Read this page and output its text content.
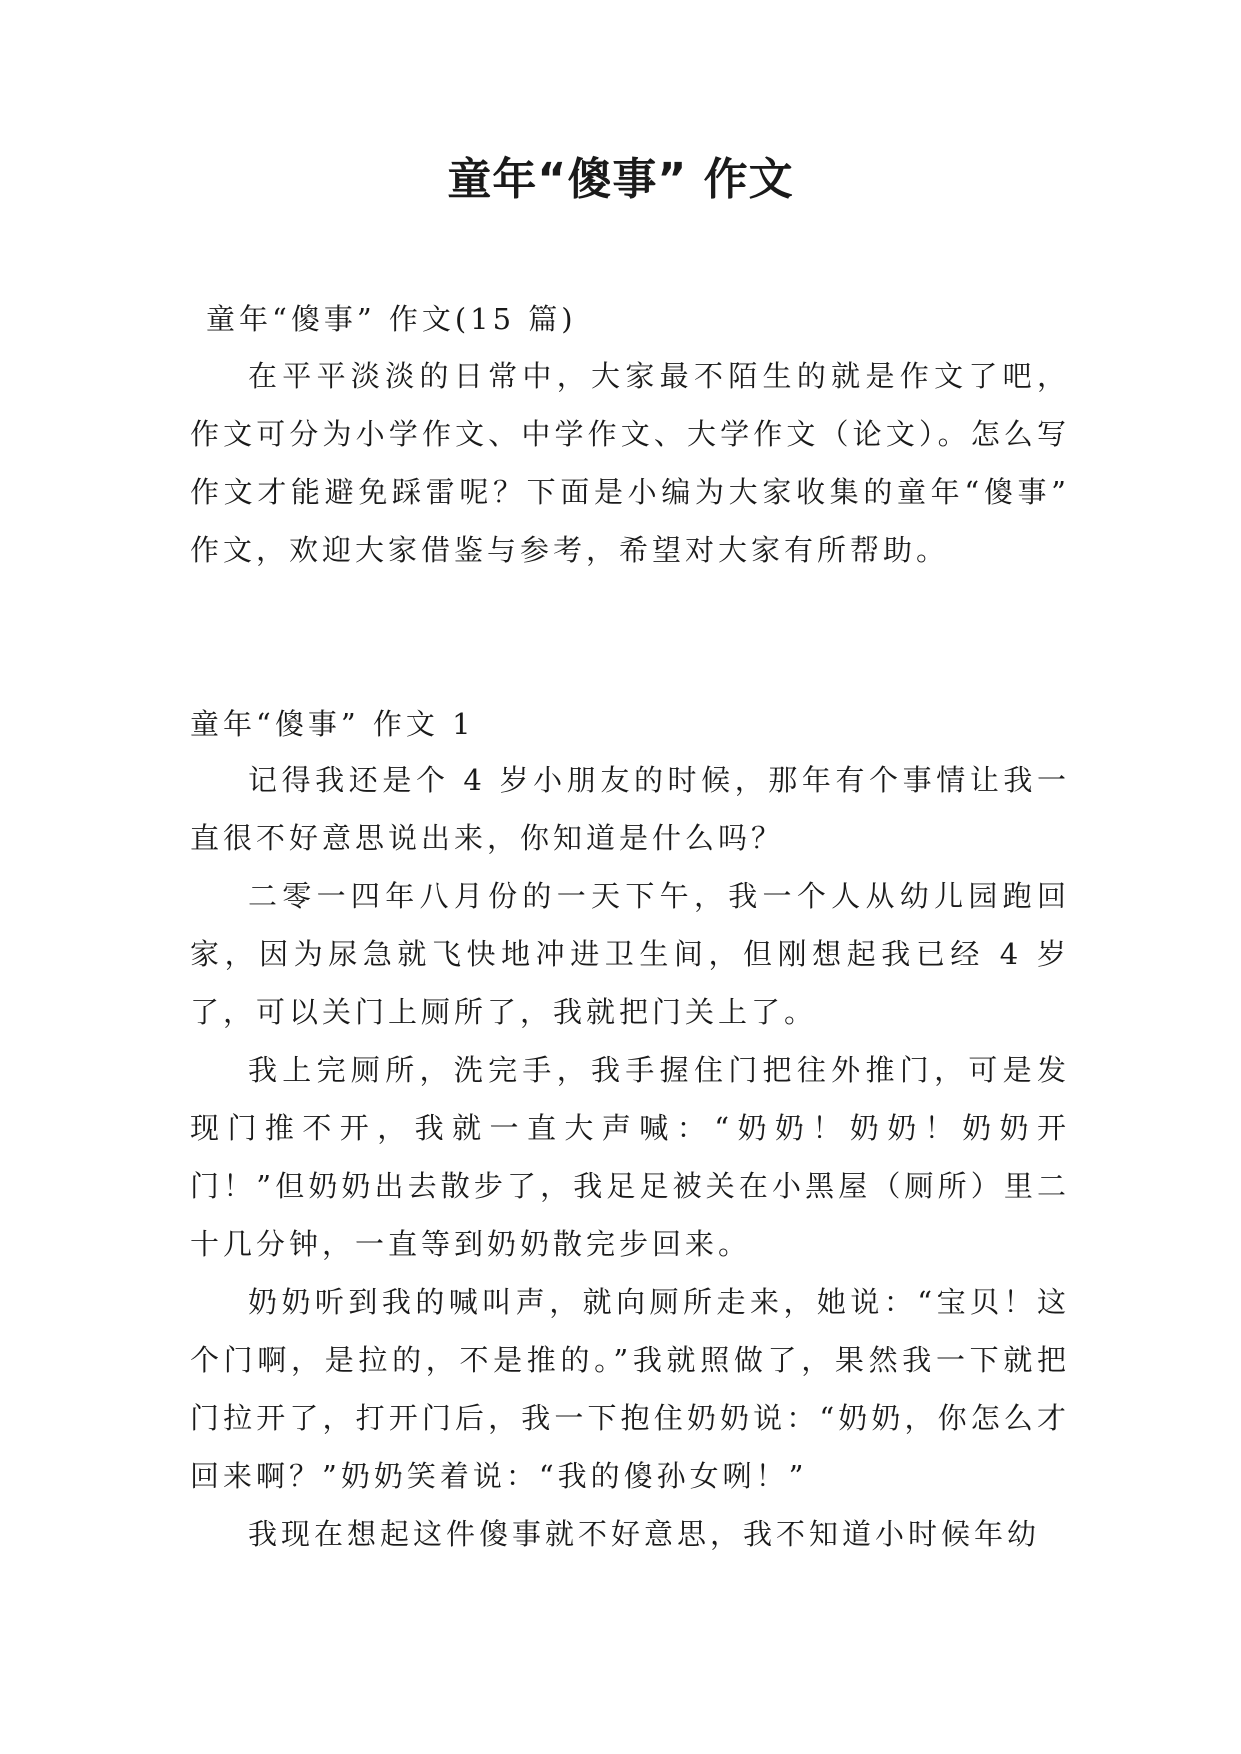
童年“傻事” 作文
童年“傻事” 作文(15 篇)

在平平淡淡的日常中，大家最不陌生的就是作文了吧，作文可分为小学作文、中学作文、大学作文（论文）。怎么写作文才能避免踩雷呢？下面是小编为大家收集的童年“傻事” 作文，欢迎大家借鉴与参考，希望对大家有所帮助。

童年“傻事” 作文 1

记得我还是个 4 岁小朋友的时候，那年有个事情让我一直很不好意思说出来，你知道是什么吗？

二零一四年八月份的一天下午，我一个人从幼儿园跑回家，因为尿急就飞快地冲进卫生间，但刚想起我已经 4 岁了，可以关门上厕所了，我就把门关上了。

我上完厕所，洗完手，我手握住门把往外推门，可是发现门推不开，我就一直大声喊：“奶奶！奶奶！奶奶开门！”但奶奶出去散步了，我足足被关在小黑屋（厕所）里二十几分钟，一直等到奶奶散完步回来。

奶奶听到我的喊叫声，就向厕所走来，她说：“宝贝！这个门啊，是拉的，不是推的。”我就照做了，果然我一下就把门拉开了，打开门后，我一下抱住奶奶说：“奶奶，你怎么才回来啊？”奶奶笑着说：“我的傻孙女咧！”

我现在想起这件傻事就不好意思，我不知道小时候年幼
